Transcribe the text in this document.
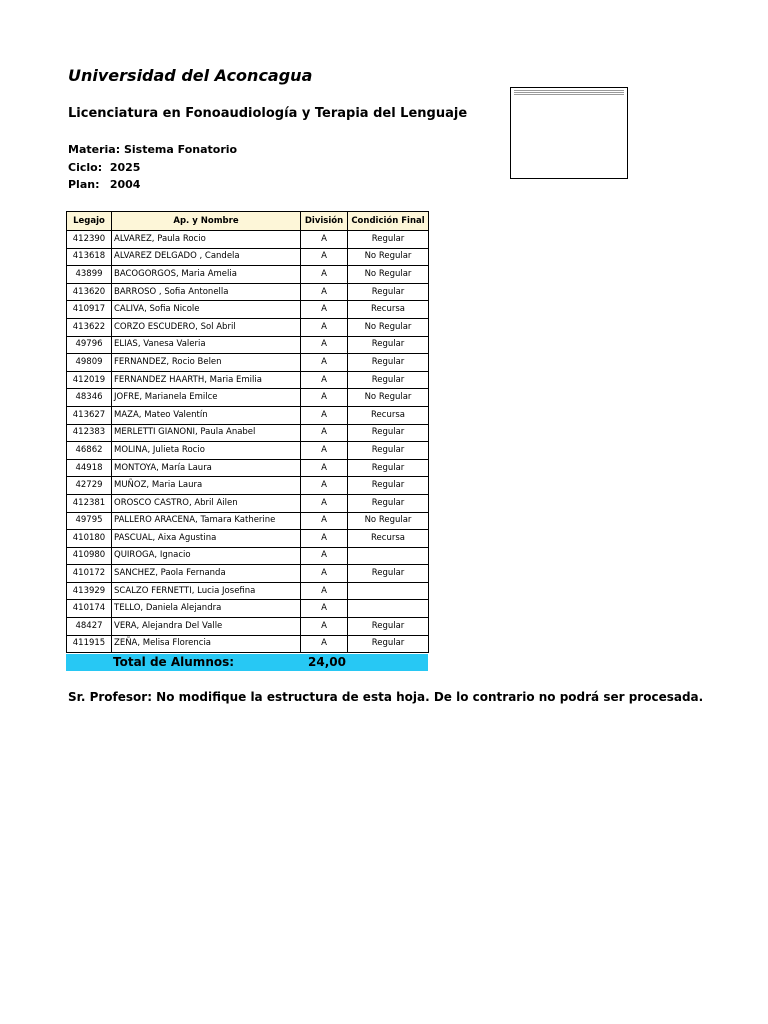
Universidad del Aconcagua
Licenciatura en Fonoaudiología y Terapia del Lenguaje
Materia: Sistema Fonatorio
Ciclo: 2025
Plan: 2004
Legajo	Ap. y Nombre	División	Condición Final
412390	ALVAREZ, Paula Rocio	A	Regular
413618	ALVAREZ DELGADO , Candela	A	No Regular
43899	BACOGORGOS, Maria Amelia	A	No Regular
413620	BARROSO , Sofia Antonella	A	Regular
410917	CALIVA, Sofia Nicole	A	Recursa
413622	CORZO ESCUDERO, Sol Abril	A	No Regular
49796	ELIAS, Vanesa Valeria	A	Regular
49809	FERNANDEZ, Rocio Belen	A	Regular
412019	FERNANDEZ HAARTH, Maria Emilia	A	Regular
48346	JOFRE, Marianela Emilce	A	No Regular
413627	MAZA, Mateo Valentín	A	Recursa
412383	MERLETTI GIANONI, Paula Anabel	A	Regular
46862	MOLINA, Julieta Rocio	A	Regular
44918	MONTOYA, María Laura	A	Regular
42729	MUÑOZ, Maria Laura	A	Regular
412381	OROSCO CASTRO, Abril Ailen	A	Regular
49795	PALLERO ARACENA, Tamara Katherine	A	No Regular
410180	PASCUAL, Aixa Agustina	A	Recursa
410980	QUIROGA, Ignacio	A	
410172	SANCHEZ, Paola Fernanda	A	Regular
413929	SCALZO FERNETTI, Lucia Josefina	A	
410174	TELLO, Daniela Alejandra	A	
48427	VERA, Alejandra Del Valle	A	Regular
411915	ZEÑA, Melisa Florencia	A	Regular
Total de Alumnos:	24,00
Sr. Profesor: No modifique la estructura de esta hoja. De lo contrario no podrá ser procesada.
